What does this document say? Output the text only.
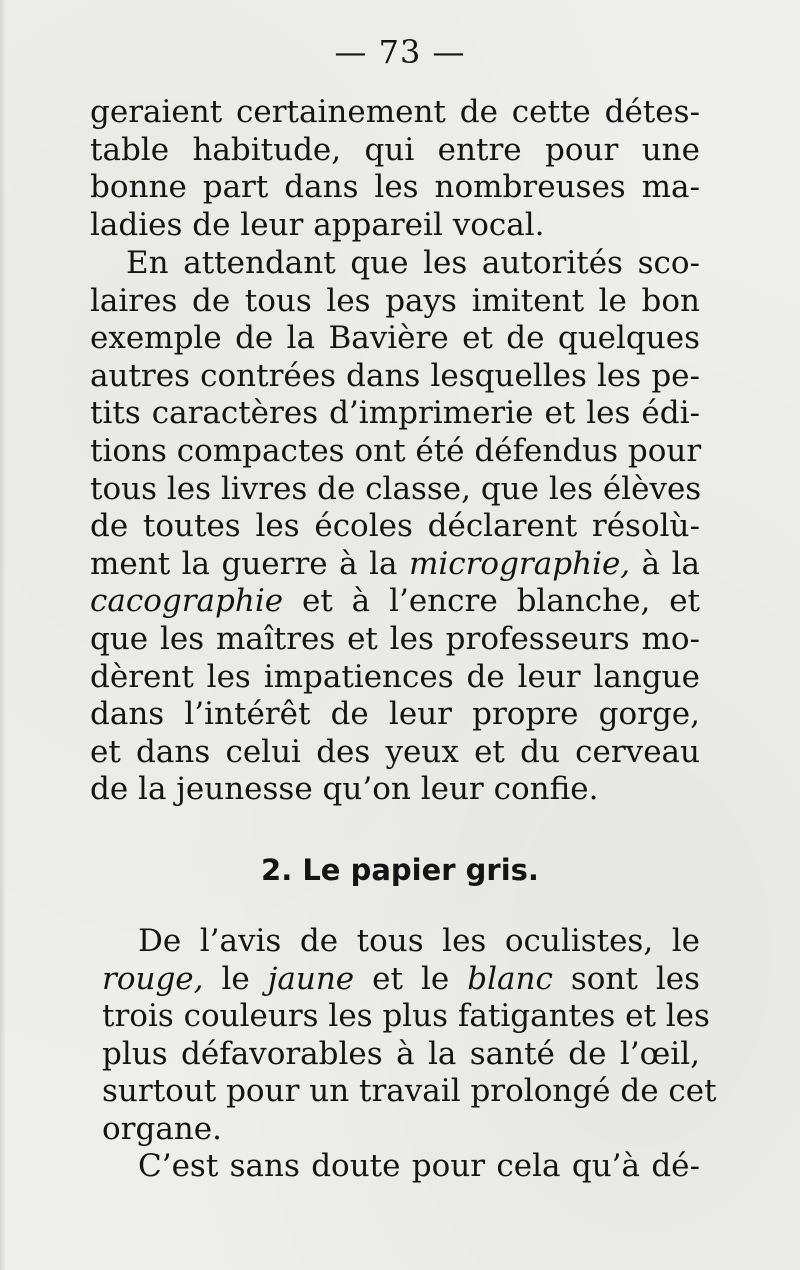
— 73 —
geraient certainement de cette détes-
table habitude, qui entre pour une
bonne part dans les nombreuses ma-
ladies de leur appareil vocal.
En attendant que les autorités sco-
laires de tous les pays imitent le bon
exemple de la Bavière et de quelques
autres contrées dans lesquelles les pe-
tits caractères d’imprimerie et les édi-
tions compactes ont été défendus pour
tous les livres de classe, que les élèves
de toutes les écoles déclarent résolù-
ment la guerre à la micrographie, à la
cacographie et à l’encre blanche, et
que les maîtres et les professeurs mo-
dèrent les impatiences de leur langue
dans l’intérêt de leur propre gorge,
et dans celui des yeux et du cerveau
de la jeunesse qu’on leur confie.
2. Le papier gris.
De l’avis de tous les oculistes, le
rouge, le jaune et le blanc sont les
trois couleurs les plus fatigantes et les
plus défavorables à la santé de l’œil,
surtout pour un travail prolongé de cet
organe.
C’est sans doute pour cela qu’à dé-
